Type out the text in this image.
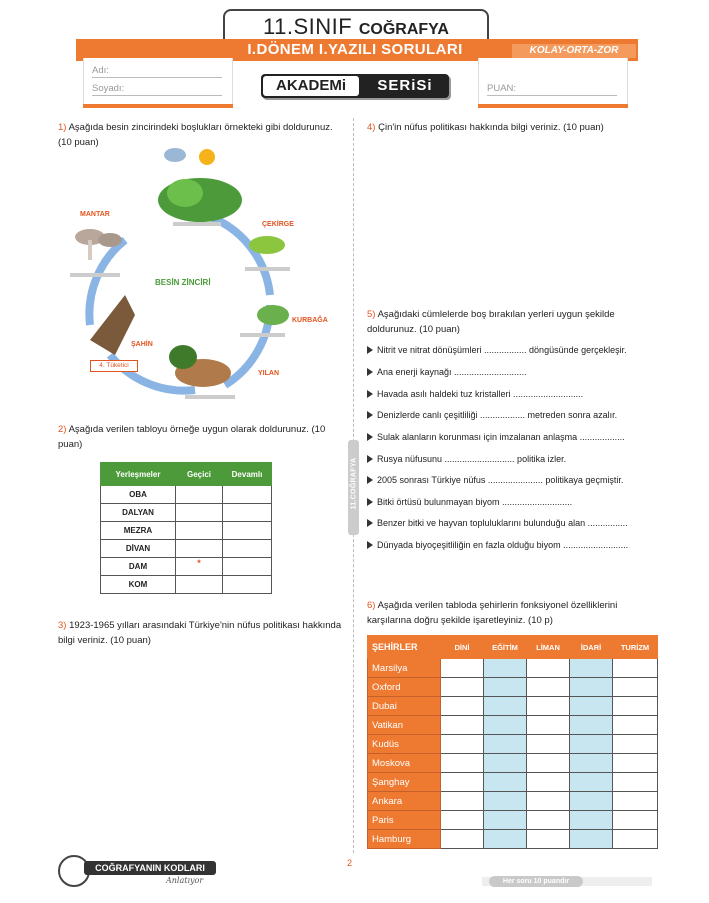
11.SINIF COĞRAFYA
I.DÖNEM I.YAZILI SORULARI	KOLAY-ORTA-ZOR
Adı:
Soyadı:	PUAN:
AKADEMi	SERiSi
11.COĞRAFYA
1) Aşağıda besin zincirindeki boşlukları örnekteki gibi doldurunuz. (10 puan)
MANTAR
ÇEKİRGE
KURBAĞA
YILAN
ŞAHİN
4. Tüketici
BESİN ZİNCİRİ
2) Aşağıda verilen tabloyu örneğe uygun olarak doldurunuz. (10 puan)
Yerleşmeler	Geçici	Devamlı
OBA		
DALYAN		
MEZRA		
DİVAN		
DAM	*	
KOM		
3) 1923-1965 yılları arasındaki Türkiye'nin nüfus politikası hakkında bilgi veriniz. (10 puan)
4) Çin'in nüfus politikası hakkında bilgi veriniz. (10 puan)
5) Aşağıdaki cümlelerde boş bırakılan yerleri uygun şekilde doldurunuz. (10 puan)
Nitrit ve nitrat dönüşümleri ................. döngüsünde gerçekleşir.
Ana enerji kaynağı .............................
Havada asılı haldeki tuz kristalleri ............................
Denizlerde canlı çeşitliliği .................. metreden sonra azalır.
Sulak alanların korunması için imzalanan anlaşma ..................
Rusya nüfusunu ............................ politika izler.
2005 sonrası Türkiye nüfus ...................... politikaya geçmiştir.
Bitki örtüsü bulunmayan biyom ............................
Benzer bitki ve hayvan topluluklarını bulunduğu alan ................
Dünyada biyoçeşitliliğin en fazla olduğu biyom ..........................
6) Aşağıda verilen tabloda şehirlerin fonksiyonel özelliklerini karşılarına doğru şekilde işaretleyiniz. (10 p)
ŞEHİRLER	DİNİ	EĞİTİM	LİMAN	İDARİ	TURİZM
Marsilya					
Oxford					
Dubai					
Vatikan					
Kudüs					
Moskova					
Şanghay					
Ankara					
Paris					
Hamburg					
COĞRAFYANIN KODLARI
Anlatıyor
2
Her soru 10 puandır
